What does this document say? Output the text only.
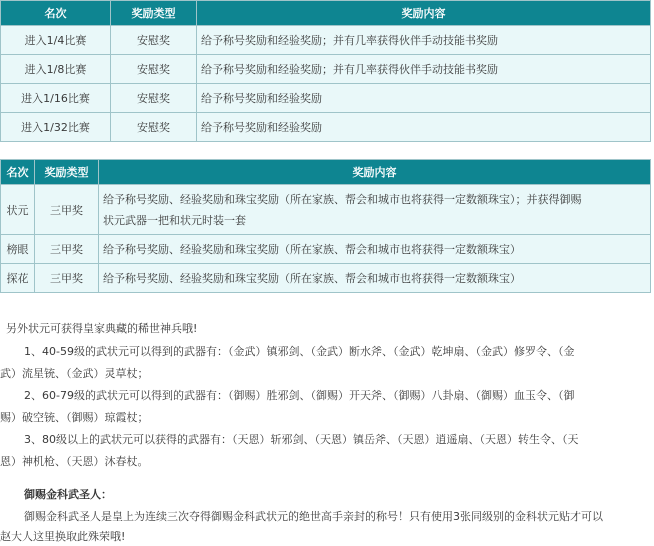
名次	奖励类型	奖励内容
进入1/4比赛	安慰奖	给予称号奖励和经验奖励；并有几率获得伙伴手动技能书奖励
进入1/8比赛	安慰奖	给予称号奖励和经验奖励；并有几率获得伙伴手动技能书奖励
进入1/16比赛	安慰奖	给予称号奖励和经验奖励
进入1/32比赛	安慰奖	给予称号奖励和经验奖励
名次	奖励类型	奖励内容
状元	三甲奖	给予称号奖励、经验奖励和珠宝奖励（所在家族、帮会和城市也将获得一定数额珠宝）；并获得御赐
状元武器一把和状元时装一套

榜眼	三甲奖	给予称号奖励、经验奖励和珠宝奖励（所在家族、帮会和城市也将获得一定数额珠宝）
探花	三甲奖	给予称号奖励、经验奖励和珠宝奖励（所在家族、帮会和城市也将获得一定数额珠宝）
另外状元可获得皇家典藏的稀世神兵哦!
1、40-59级的武状元可以得到的武器有：（金武）镇邪剑、（金武）断水斧、（金武）乾坤扇、（金武）修罗令、（金
武）流星铳、（金武）灵草杖；
2、60-79级的武状元可以得到的武器有：（御赐）胜邪剑、（御赐）开天斧、（御赐）八卦扇、（御赐）血玉令、（御
赐）破空铳、（御赐）琼霞杖；
3、80级以上的武状元可以获得的武器有：（天恩）斩邪剑、（天恩）镇岳斧、（天恩）逍遥扇、（天恩）转生令、（天
恩）神机枪、（天恩）沐春杖。
御赐金科武圣人：
御赐金科武圣人是皇上为连续三次夺得御赐金科武状元的绝世高手亲封的称号！只有使用3张同级别的金科状元贴才可以
赵大人这里换取此殊荣哦!
